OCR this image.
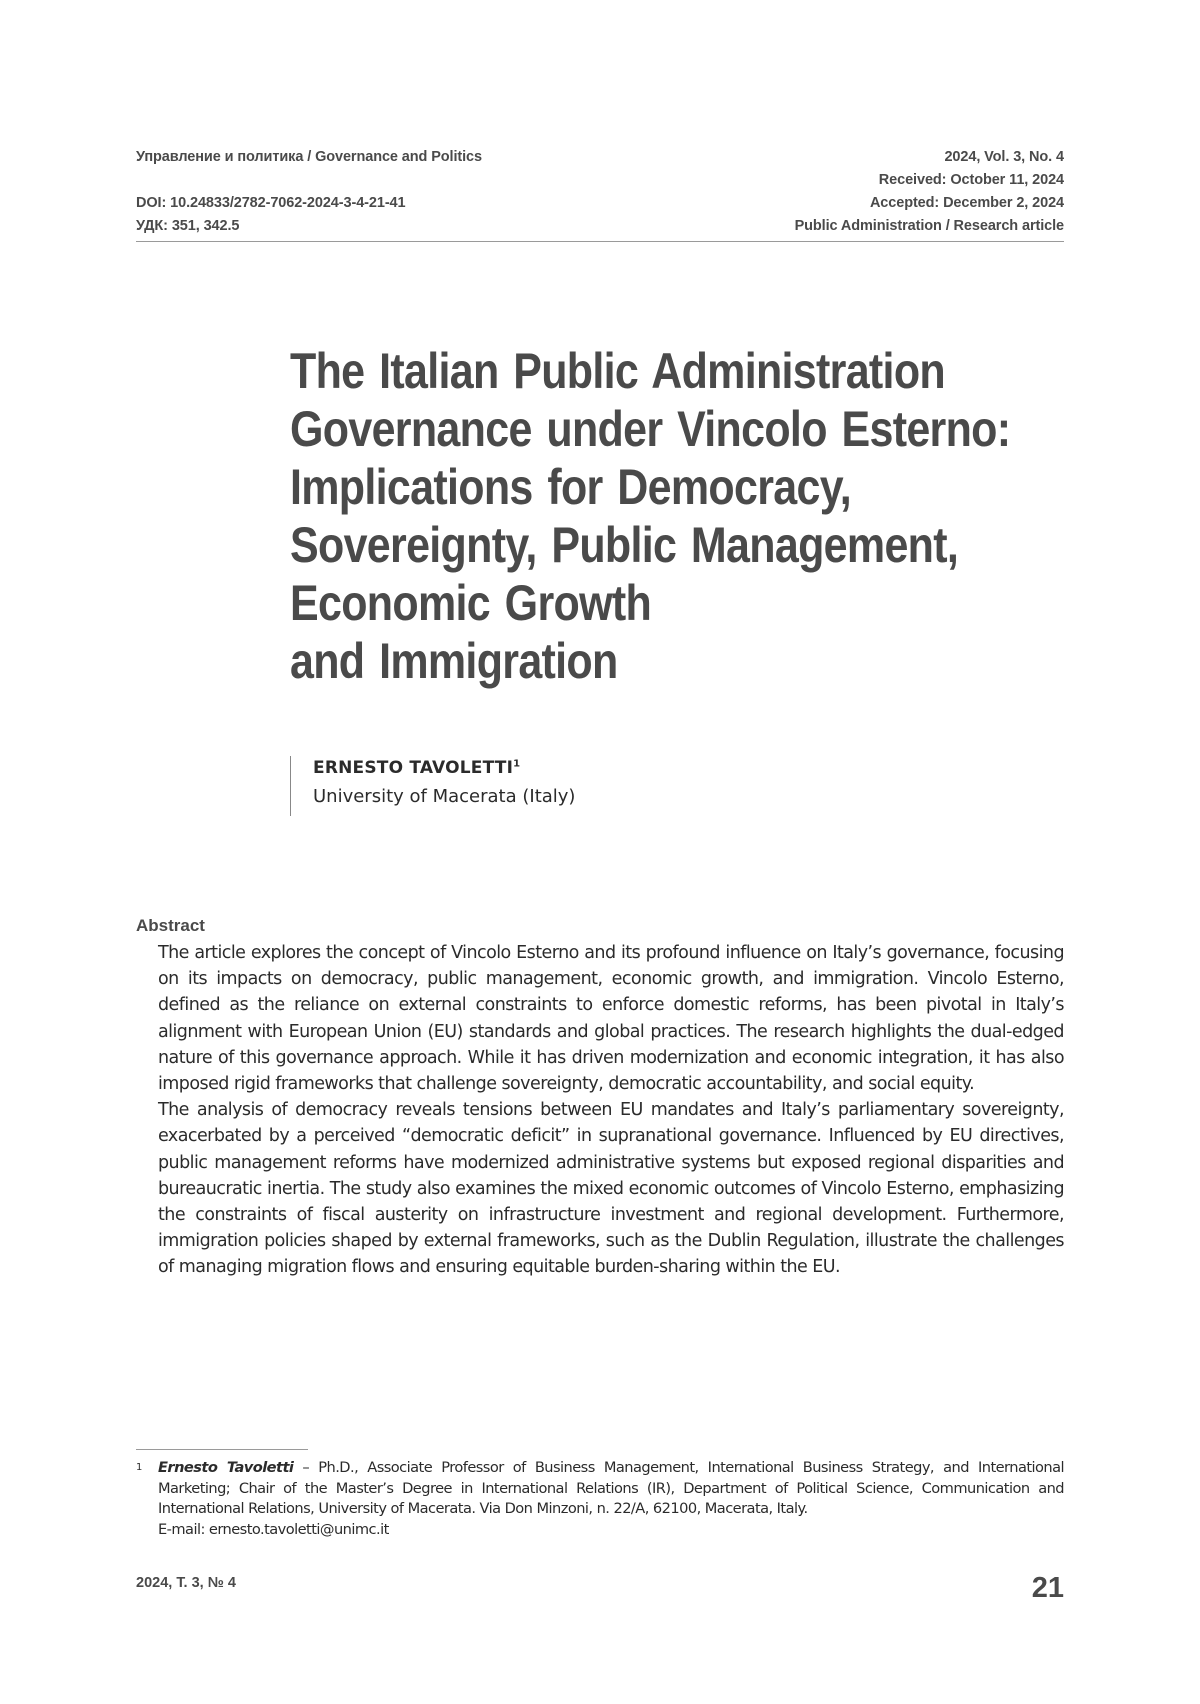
Управление и политика / Governance and Politics	2024, Vol. 3, No. 4
Received: October 11, 2024
DOI: 10.24833/2782-7062-2024-3-4-21-41	Accepted: December 2, 2024
УДК: 351, 342.5	Public Administration / Research article
The Italian Public Administration
Governance under Vincolo Esterno:
Implications for Democracy,
Sovereignty, Public Management,
Economic Growth
and Immigration
ERNESTO TAVOLETTI1
University of Macerata (Italy)
Abstract

The article explores the concept of Vincolo Esterno and its profound influence on Italy’s governance, focusing on its impacts on democracy, public management, economic growth, and immigration. Vincolo Esterno, defined as the reliance on external constraints to enforce domestic reforms, has been pivotal in Italy’s alignment with European Union (EU) standards and global practices. The research highlights the dual-edged nature of this governance approach. While it has driven modernization and economic integration, it has also imposed rigid frameworks that challenge sovereignty, democratic accountability, and social equity.

The analysis of democracy reveals tensions between EU mandates and Italy’s parliamentary sovereignty, exacerbated by a perceived “democratic deficit” in supranational governance. Influenced by EU directives, public management reforms have modernized administrative systems but exposed regional disparities and bureaucratic inertia. The study also examines the mixed economic outcomes of Vincolo Esterno, emphasizing the constraints of fiscal austerity on infrastructure investment and regional development. Furthermore, immigration policies shaped by external frameworks, such as the Dublin Regulation, illustrate the challenges of managing migration flows and ensuring equitable burden-sharing within the EU.

1 Ernesto Tavoletti – Ph.D., Associate Professor of Business Management, International Business Strategy, and International Marketing; Chair of the Master’s Degree in International Relations (IR), Department of Political Science, Communication and International Relations, University of Macerata. Via Don Minzoni, n. 22/A, 62100, Macerata, Italy.
E-mail: ernesto.tavoletti@unimc.it
2024, Т. 3, № 4	21
